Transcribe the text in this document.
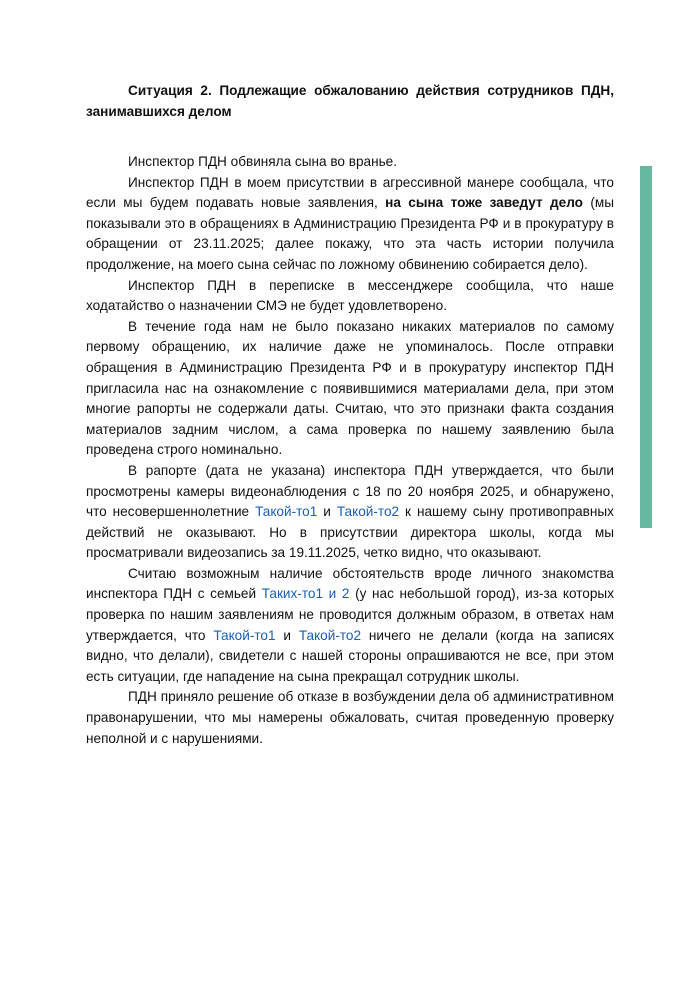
Ситуация 2. Подлежащие обжалованию действия сотрудников ПДН, занимавшихся делом

Инспектор ПДН обвиняла сына во вранье.

Инспектор ПДН в моем присутствии в агрессивной манере сообщала, что если мы будем подавать новые заявления, на сына тоже заведут дело (мы показывали это в обращениях в Администрацию Президента РФ и в прокуратуру в обращении от 23.11.2025; далее покажу, что эта часть истории получила продолжение, на моего сына сейчас по ложному обвинению собирается дело).

Инспектор ПДН в переписке в мессенджере сообщила, что наше ходатайство о назначении СМЭ не будет удовлетворено.

В течение года нам не было показано никаких материалов по самому первому обращению, их наличие даже не упоминалось. После отправки обращения в Администрацию Президента РФ и в прокуратуру инспектор ПДН пригласила нас на ознакомление с появившимися материалами дела, при этом многие рапорты не содержали даты. Считаю, что это признаки факта создания материалов задним числом, а сама проверка по нашему заявлению была проведена строго номинально.

В рапорте (дата не указана) инспектора ПДН утверждается, что были просмотрены камеры видеонаблюдения с 18 по 20 ноября 2025, и обнаружено, что несовершеннолетние Такой-то1 и Такой-то2 к нашему сыну противоправных действий не оказывают. Но в присутствии директора школы, когда мы просматривали видеозапись за 19.11.2025, четко видно, что оказывают.

Считаю возможным наличие обстоятельств вроде личного знакомства инспектора ПДН с семьей Таких-то1 и 2 (у нас небольшой город), из-за которых проверка по нашим заявлениям не проводится должным образом, в ответах нам утверждается, что Такой-то1 и Такой-то2 ничего не делали (когда на записях видно, что делали), свидетели с нашей стороны опрашиваются не все, при этом есть ситуации, где нападение на сына прекращал сотрудник школы.

ПДН приняло решение об отказе в возбуждении дела об административном правонарушении, что мы намерены обжаловать, считая проведенную проверку неполной и с нарушениями.
